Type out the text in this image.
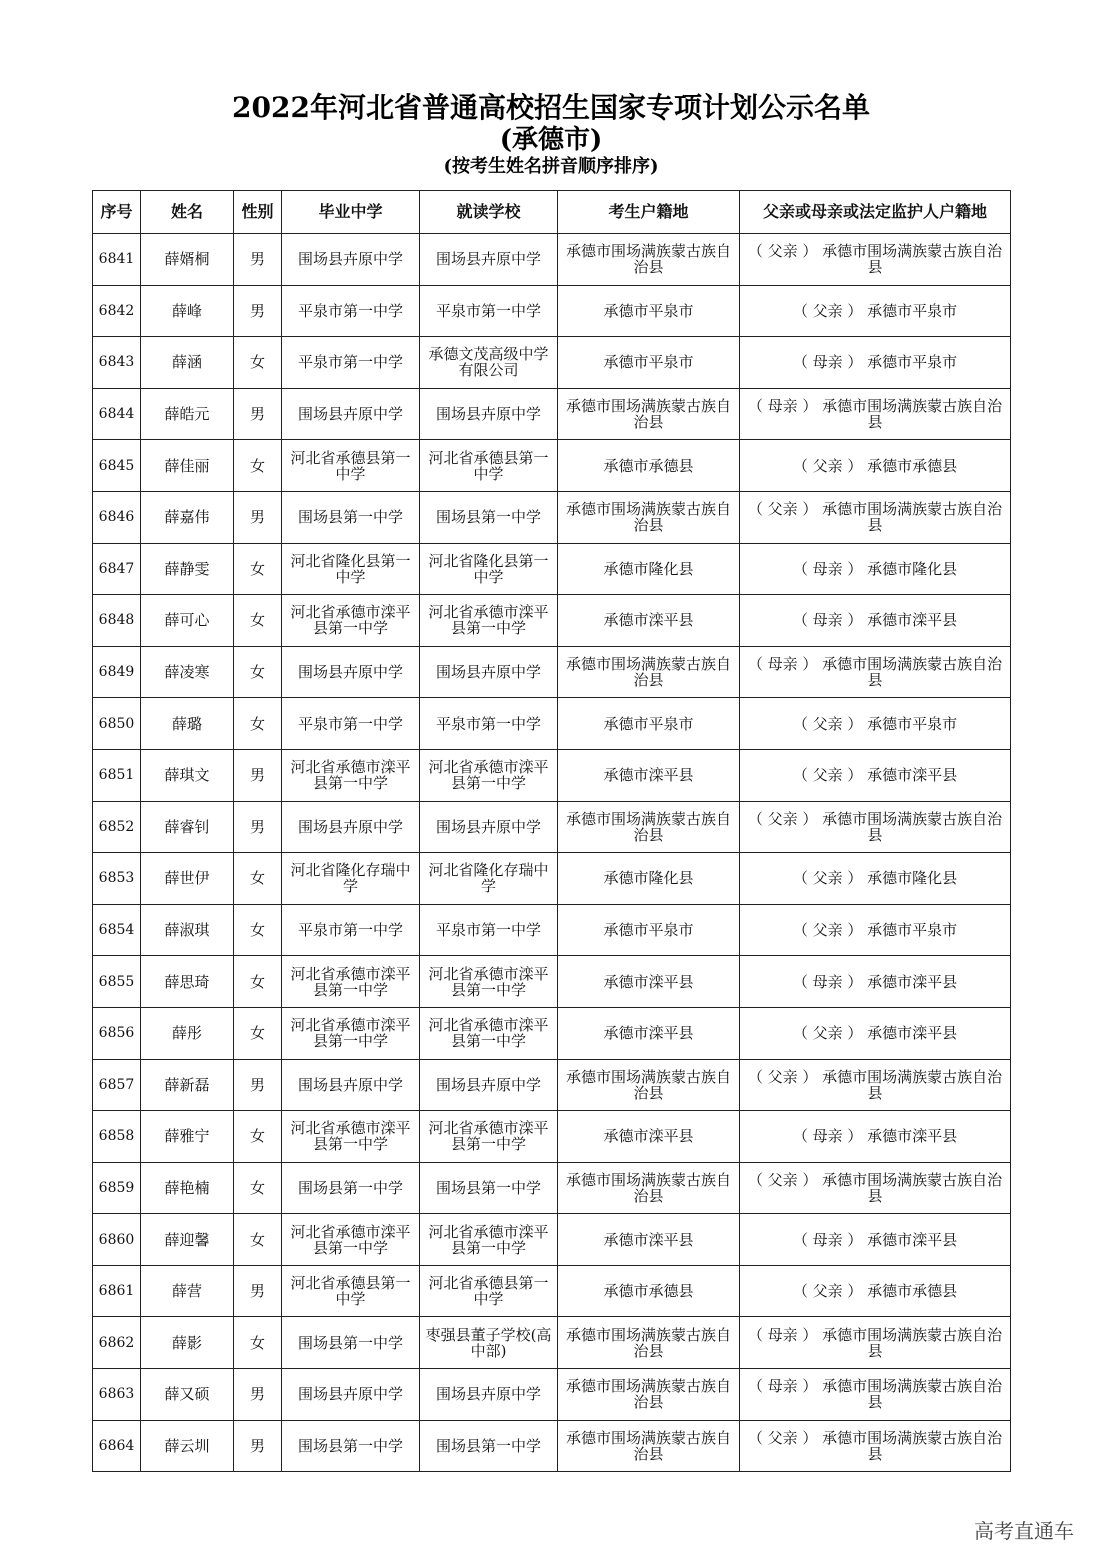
2022年河北省普通高校招生国家专项计划公示名单
(承德市)
(按考生姓名拼音顺序排序)
序号	姓名	性别	毕业中学	就读学校	考生户籍地	父亲或母亲或法定监护人户籍地
6841	薛婿桐	男	围场县卉原中学	围场县卉原中学	承德市围场满族蒙古族自治县	（ 父亲 ） 承德市围场满族蒙古族自治县
6842	薛峰	男	平泉市第一中学	平泉市第一中学	承德市平泉市	（ 父亲 ） 承德市平泉市
6843	薛涵	女	平泉市第一中学	承德文茂高级中学有限公司	承德市平泉市	（ 母亲 ） 承德市平泉市
6844	薛皓元	男	围场县卉原中学	围场县卉原中学	承德市围场满族蒙古族自治县	（ 母亲 ） 承德市围场满族蒙古族自治县
6845	薛佳丽	女	河北省承德县第一中学	河北省承德县第一中学	承德市承德县	（ 父亲 ） 承德市承德县
6846	薛嘉伟	男	围场县第一中学	围场县第一中学	承德市围场满族蒙古族自治县	（ 父亲 ） 承德市围场满族蒙古族自治县
6847	薛静雯	女	河北省隆化县第一中学	河北省隆化县第一中学	承德市隆化县	（ 母亲 ） 承德市隆化县
6848	薛可心	女	河北省承德市滦平县第一中学	河北省承德市滦平县第一中学	承德市滦平县	（ 母亲 ） 承德市滦平县
6849	薛凌寒	女	围场县卉原中学	围场县卉原中学	承德市围场满族蒙古族自治县	（ 母亲 ） 承德市围场满族蒙古族自治县
6850	薛璐	女	平泉市第一中学	平泉市第一中学	承德市平泉市	（ 父亲 ） 承德市平泉市
6851	薛琪文	男	河北省承德市滦平县第一中学	河北省承德市滦平县第一中学	承德市滦平县	（ 父亲 ） 承德市滦平县
6852	薛睿钊	男	围场县卉原中学	围场县卉原中学	承德市围场满族蒙古族自治县	（ 父亲 ） 承德市围场满族蒙古族自治县
6853	薛世伊	女	河北省隆化存瑞中学	河北省隆化存瑞中学	承德市隆化县	（ 父亲 ） 承德市隆化县
6854	薛淑琪	女	平泉市第一中学	平泉市第一中学	承德市平泉市	（ 父亲 ） 承德市平泉市
6855	薛思琦	女	河北省承德市滦平县第一中学	河北省承德市滦平县第一中学	承德市滦平县	（ 母亲 ） 承德市滦平县
6856	薛彤	女	河北省承德市滦平县第一中学	河北省承德市滦平县第一中学	承德市滦平县	（ 父亲 ） 承德市滦平县
6857	薛新磊	男	围场县卉原中学	围场县卉原中学	承德市围场满族蒙古族自治县	（ 父亲 ） 承德市围场满族蒙古族自治县
6858	薛雅宁	女	河北省承德市滦平县第一中学	河北省承德市滦平县第一中学	承德市滦平县	（ 母亲 ） 承德市滦平县
6859	薛艳楠	女	围场县第一中学	围场县第一中学	承德市围场满族蒙古族自治县	（ 父亲 ） 承德市围场满族蒙古族自治县
6860	薛迎馨	女	河北省承德市滦平县第一中学	河北省承德市滦平县第一中学	承德市滦平县	（ 母亲 ） 承德市滦平县
6861	薛营	男	河北省承德县第一中学	河北省承德县第一中学	承德市承德县	（ 父亲 ） 承德市承德县
6862	薛影	女	围场县第一中学	枣强县董子学校(高中部)	承德市围场满族蒙古族自治县	（ 母亲 ） 承德市围场满族蒙古族自治县
6863	薛又硕	男	围场县卉原中学	围场县卉原中学	承德市围场满族蒙古族自治县	（ 母亲 ） 承德市围场满族蒙古族自治县
6864	薛云圳	男	围场县第一中学	围场县第一中学	承德市围场满族蒙古族自治县	（ 父亲 ） 承德市围场满族蒙古族自治县
高考直通车
